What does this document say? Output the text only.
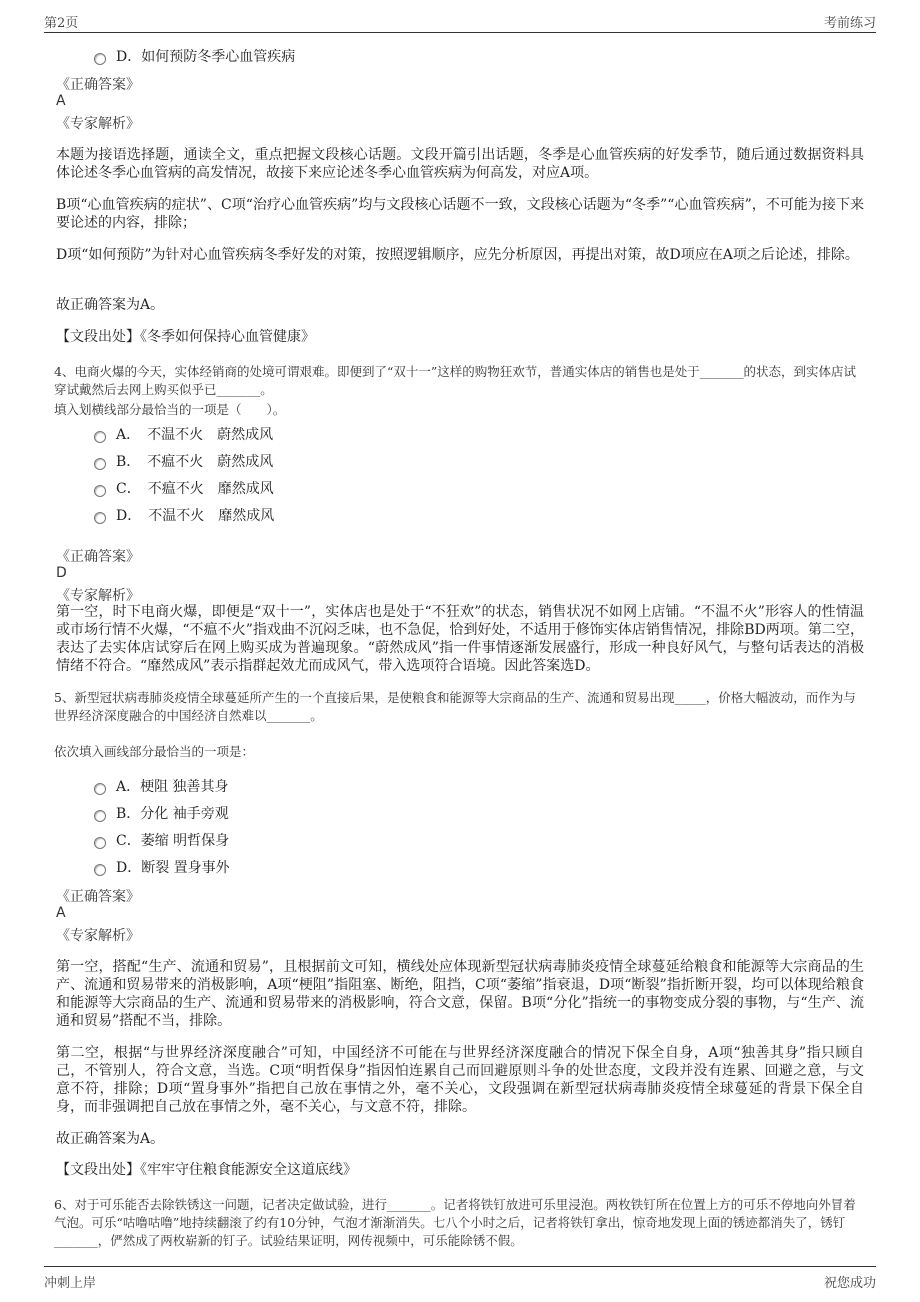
第2页	考前练习
D．如何预防冬季心血管疾病
《正确答案》
A
《专家解析》
本题为接语选择题，通读全文，重点把握文段核心话题。文段开篇引出话题，冬季是心血管疾病的好发季节，随后通过数据资料具体论述冬季心血管病的高发情况，故接下来应论述冬季心血管疾病为何高发，对应A项。
B项“心血管疾病的症状”、C项“治疗心血管疾病”均与文段核心话题不一致，文段核心话题为“冬季”“心血管疾病”，不可能为接下来要论述的内容，排除；
D项“如何预防”为针对心血管疾病冬季好发的对策，按照逻辑顺序，应先分析原因，再提出对策，故D项应在A项之后论述，排除。
故正确答案为A。
【文段出处】《冬季如何保持心血管健康》
4、电商火爆的今天，实体经销商的处境可谓艰难。即便到了“双十一”这样的购物狂欢节，普通实体店的销售也是处于_______的状态，到实体店试穿试戴然后去网上购买似乎已_______。
填入划横线部分最恰当的一项是（　　）。
A．　不温不火　蔚然成风
B．　不瘟不火　蔚然成风
C．　不瘟不火　靡然成风
D．　不温不火　靡然成风
《正确答案》
D
《专家解析》
第一空，时下电商火爆，即便是“双十一”，实体店也是处于“不狂欢”的状态，销售状况不如网上店铺。“不温不火”形容人的性情温或市场行情不火爆，“不瘟不火”指戏曲不沉闷乏味，也不急促，恰到好处，不适用于修饰实体店销售情况，排除BD两项。第二空，表达了去实体店试穿后在网上购买成为普遍现象。“蔚然成风”指一件事情逐渐发展盛行，形成一种良好风气，与整句话表达的消极情绪不符合。“靡然成风”表示指群起效尤而成风气，带入选项符合语境。因此答案选D。
5、新型冠状病毒肺炎疫情全球蔓延所产生的一个直接后果，是使粮食和能源等大宗商品的生产、流通和贸易出现_____，价格大幅波动，而作为与世界经济深度融合的中国经济自然难以_______。
依次填入画线部分最恰当的一项是：
A．梗阻 独善其身
B．分化 袖手旁观
C．萎缩 明哲保身
D．断裂 置身事外
《正确答案》
A
《专家解析》
第一空，搭配“生产、流通和贸易”，且根据前文可知，横线处应体现新型冠状病毒肺炎疫情全球蔓延给粮食和能源等大宗商品的生产、流通和贸易带来的消极影响，A项“梗阻”指阻塞、断绝，阻挡，C项“萎缩”指衰退，D项“断裂”指折断开裂，均可以体现给粮食和能源等大宗商品的生产、流通和贸易带来的消极影响，符合文意，保留。B项“分化”指统一的事物变成分裂的事物，与“生产、流通和贸易”搭配不当，排除。
第二空，根据“与世界经济深度融合”可知，中国经济不可能在与世界经济深度融合的情况下保全自身，A项“独善其身”指只顾自己，不管别人，符合文意，当选。C项“明哲保身”指因怕连累自己而回避原则斗争的处世态度，文段并没有连累、回避之意，与文意不符，排除；D项“置身事外”指把自己放在事情之外，毫不关心，文段强调在新型冠状病毒肺炎疫情全球蔓延的背景下保全自身，而非强调把自己放在事情之外，毫不关心，与文意不符，排除。
故正确答案为A。
【文段出处】《牢牢守住粮食能源安全这道底线》
6、对于可乐能否去除铁锈这一问题，记者决定做试验，进行_______。记者将铁钉放进可乐里浸泡。两枚铁钉所在位置上方的可乐不停地向外冒着气泡。可乐“咕噜咕噜”地持续翻滚了约有10分钟，气泡才渐渐消失。七八个小时之后，记者将铁钉拿出，惊奇地发现上面的锈迹都消失了，锈钉_______，俨然成了两枚崭新的钉子。试验结果证明，网传视频中，可乐能除锈不假。
冲刺上岸	祝您成功
